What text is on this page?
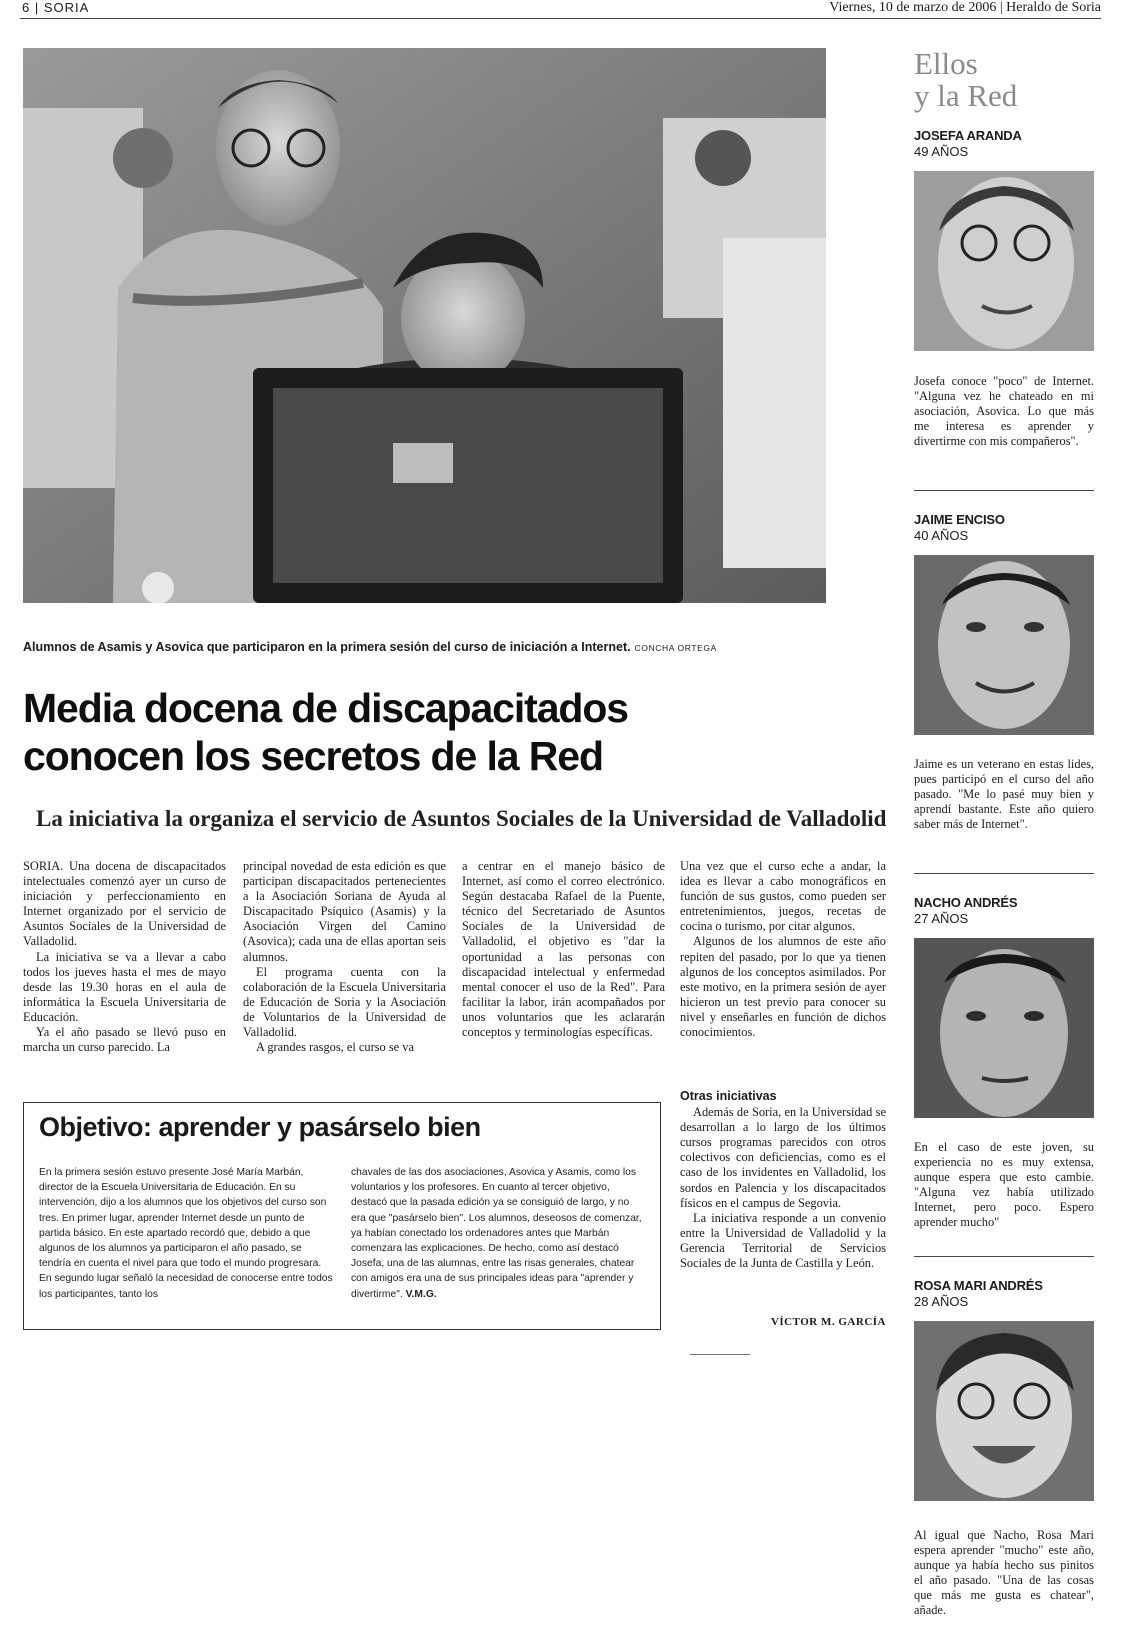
6 | SORIA	Viernes, 10 de marzo de 2006 | Heraldo de Soria
Alumnos de Asamis y Asovica que participaron en la primera sesión del curso de iniciación a Internet. CONCHA ORTEGA
Media docena de discapacitados
conocen los secretos de la Red
La iniciativa la organiza el servicio de Asuntos Sociales de la Universidad de Valladolid

SORIA. Una docena de discapacitados intelectuales comenzó ayer un curso de iniciación y perfeccionamiento en Internet organizado por el servicio de Asuntos Sociales de la Universidad de Valladolid.

La iniciativa se va a llevar a cabo todos los jueves hasta el mes de mayo desde las 19.30 horas en el aula de informática la Escuela Universitaria de Educación.

Ya el año pasado se llevó puso en marcha un curso parecido. La

principal novedad de esta edición es que participan discapacitados pertenecientes a la Asociación Soriana de Ayuda al Discapacitado Psíquico (Asamis) y la Asociación Virgen del Camino (Asovica); cada una de ellas aportan seis alumnos.

El programa cuenta con la colaboración de la Escuela Universitaria de Educación de Soria y la Asociación de Voluntarios de la Universidad de Valladolid.

A grandes rasgos, el curso se va

a centrar en el manejo básico de Internet, así como el correo electrónico. Según destacaba Rafael de la Puente, técnico del Secretariado de Asuntos Sociales de la Universidad de Valladolid, el objetivo es "dar la oportunidad a las personas con discapacidad intelectual y enfermedad mental conocer el uso de la Red". Para facilitar la labor, irán acompañados por unos voluntarios que les aclararán conceptos y terminologías específicas.

Una vez que el curso eche a andar, la idea es llevar a cabo monográficos en función de sus gustos, como pueden ser entretenimientos, juegos, recetas de cocina o turismo, por citar algunos.

Algunos de los alumnos de este año repiten del pasado, por lo que ya tienen algunos de los conceptos asimilados. Por este motivo, en la primera sesión de ayer hicieron un test previo para conocer su nivel y enseñarles en función de dichos conocimientos.

Otras iniciativas

Además de Soria, en la Universidad se desarrollan a lo largo de los últimos cursos programas parecidos con otros colectivos con deficiencias, como es el caso de los invidentes en Valladolid, los sordos en Palencia y los discapacitados físicos en el campus de Segovia.

La iniciativa responde a un convenio entre la Universidad de Valladolid y la Gerencia Territorial de Servicios Sociales de la Junta de Castilla y León.

VÍCTOR M. GARCÍA
Objetivo: aprender y pasárselo bien

En la primera sesión estuvo presente José María Marbán, director de la Escuela Universitaria de Educación. En su intervención, dijo a los alumnos que los objetivos del curso son tres. En primer lugar, aprender Internet desde un punto de partida básico. En este apartado recordó que, debido a que algunos de los alumnos ya participaron el año pasado, se tendría en cuenta el nivel para que todo el mundo progresara. En segundo lugar señaló la necesidad de conocerse entre todos los participantes, tanto los

chavales de las dos asociaciones, Asovica y Asamis, como los voluntarios y los profesores. En cuanto al tercer objetivo, destacó que la pasada edición ya se consiguió de largo, y no era que "pasárselo bien". Los alumnos, deseosos de comenzar, ya habían conectado los ordenadores antes que Marbán comenzara las explicaciones. De hecho, como así destacó Josefa, una de las alumnas, entre las risas generales, chatear con amigos era una de sus principales ideas para "aprender y divertirme". V.M.G.

Ellos
y la Red
JOSEFA ARANDA
49 AÑOS
Josefa conoce "poco" de Internet. "Alguna vez he chateado en mi asociación, Asovica. Lo que más me interesa es aprender y divertirme con mis compañeros".
JAIME ENCISO
40 AÑOS
Jaime es un veterano en estas lides, pues participó en el curso del año pasado. "Me lo pasé muy bien y aprendí bastante. Este año quiero saber más de Internet".
NACHO ANDRÉS
27 AÑOS
En el caso de este joven, su experiencia no es muy extensa, aunque espera que esto cambie. "Alguna vez había utilizado Internet, pero poco. Espero aprender mucho"
ROSA MARI ANDRÉS
28 AÑOS
Al igual que Nacho, Rosa Mari espera aprender "mucho" este año, aunque ya había hecho sus pinitos el año pasado. "Una de las cosas que más me gusta es chatear", añade.
